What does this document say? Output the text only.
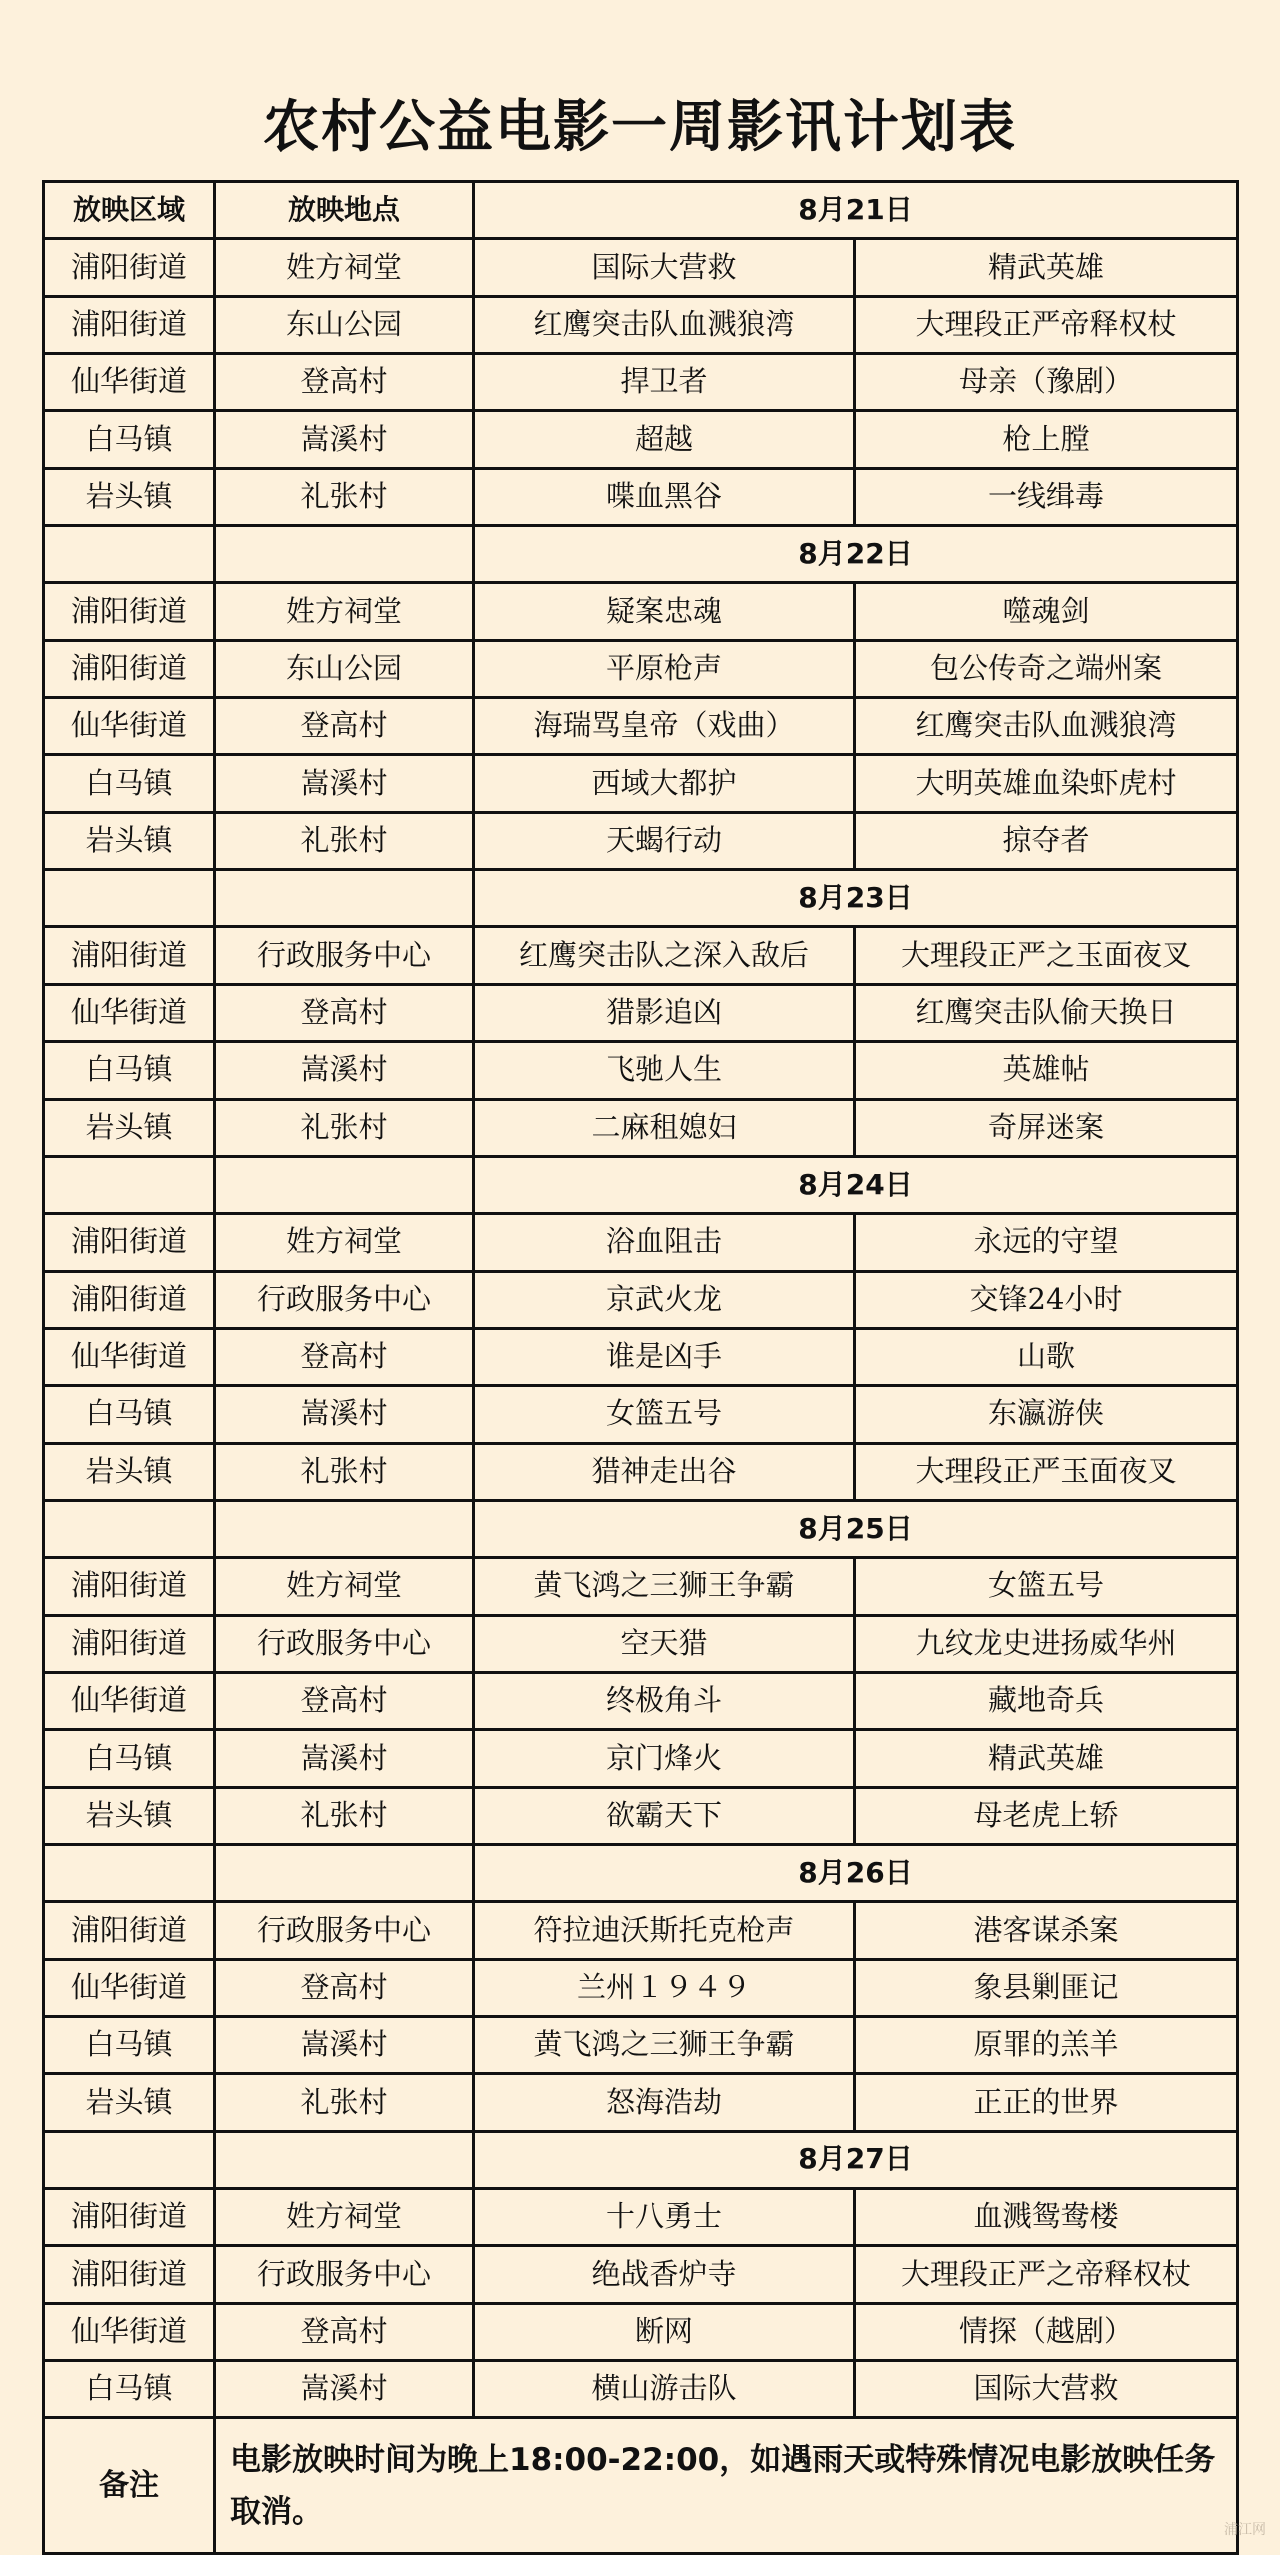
农村公益电影一周影讯计划表
放映区域	放映地点	8月21日	
浦阳街道	姓方祠堂	国际大营救	精武英雄
浦阳街道	东山公园	红鹰突击队血溅狼湾	大理段正严帝释权杖
仙华街道	登高村	捍卫者	母亲（豫剧）
白马镇	嵩溪村	超越	枪上膛
岩头镇	礼张村	喋血黑谷	一线缉毒
		8月22日	
浦阳街道	姓方祠堂	疑案忠魂	噬魂剑
浦阳街道	东山公园	平原枪声	包公传奇之端州案
仙华街道	登高村	海瑞骂皇帝（戏曲）	红鹰突击队血溅狼湾
白马镇	嵩溪村	西域大都护	大明英雄血染虾虎村
岩头镇	礼张村	天蝎行动	掠夺者
		8月23日	
浦阳街道	行政服务中心	红鹰突击队之深入敌后	大理段正严之玉面夜叉
仙华街道	登高村	猎影追凶	红鹰突击队偷天换日
白马镇	嵩溪村	飞驰人生	英雄帖
岩头镇	礼张村	二麻租媳妇	奇屏迷案
		8月24日	
浦阳街道	姓方祠堂	浴血阻击	永远的守望
浦阳街道	行政服务中心	京武火龙	交锋24小时
仙华街道	登高村	谁是凶手	山歌
白马镇	嵩溪村	女篮五号	东瀛游侠
岩头镇	礼张村	猎神走出谷	大理段正严玉面夜叉
		8月25日	
浦阳街道	姓方祠堂	黄飞鸿之三狮王争霸	女篮五号
浦阳街道	行政服务中心	空天猎	九纹龙史进扬威华州
仙华街道	登高村	终极角斗	藏地奇兵
白马镇	嵩溪村	京门烽火	精武英雄
岩头镇	礼张村	欲霸天下	母老虎上轿
		8月26日	
浦阳街道	行政服务中心	符拉迪沃斯托克枪声	港客谋杀案
仙华街道	登高村	兰州１９４９	象县剿匪记
白马镇	嵩溪村	黄飞鸿之三狮王争霸	原罪的羔羊
岩头镇	礼张村	怒海浩劫	正正的世界
		8月27日	
浦阳街道	姓方祠堂	十八勇士	血溅鸳鸯楼
浦阳街道	行政服务中心	绝战香炉寺	大理段正严之帝释权杖
仙华街道	登高村	断网	情探（越剧）
白马镇	嵩溪村	横山游击队	国际大营救
备注	电影放映时间为晚上18:00-22:00，如遇雨天或特殊情况电影放映任务取消。		
浦江网
